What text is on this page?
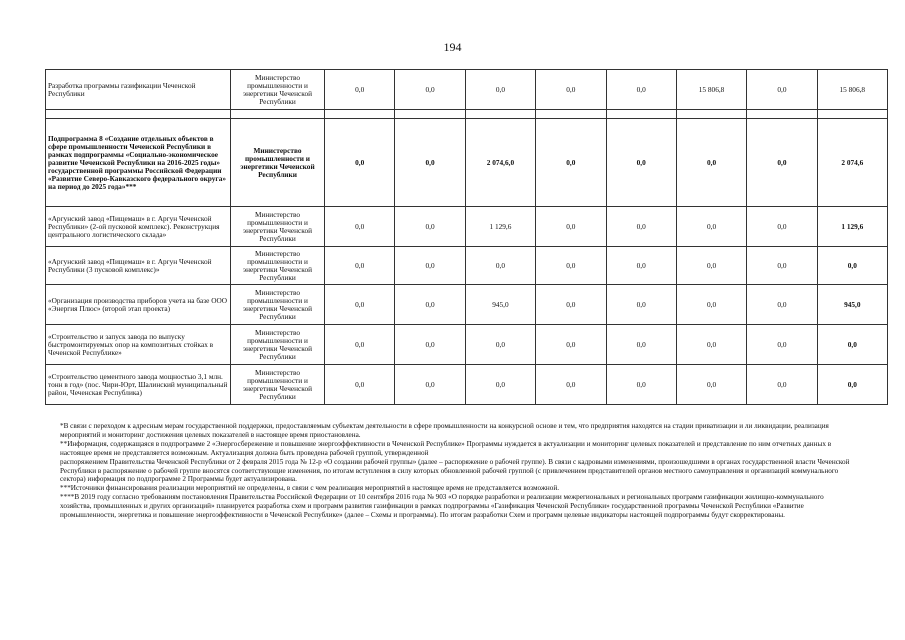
194
Разработка программы газификации Чеченской Республики	Министерство промышленности и энергетики Чеченской Республики	0,0	0,0	0,0	0,0	0,0	15 806,8	0,0	15 806,8

Подпрограмма 8 «Создание отдельных объектов в сфере промышленности Чеченской Республики в рамках подпрограммы «Социально-экономическое развитие Чеченской Республики на 2016-2025 годы» государственной программы Российской Федерации «Развитие Северо-Кавказского федерального округа» на период до 2025 года»***	Министерство промышленности и энергетики Чеченской Республики	0,0	0,0	2 074,6,0	0,0	0,0	0,0	0,0	2 074,6
«Аргунский завод «Пищемаш» в г. Аргун Чеченской Республики» (2-ой пусковой комплекс). Реконструкция центрального логистического склада»	Министерство промышленности и энергетики Чеченской Республики	0,0	0,0	1 129,6	0,0	0,0	0,0	0,0	1 129,6
«Аргунский завод «Пищемаш» в г. Аргун Чеченской Республики (3 пусковой комплекс)»	Министерство промышленности и энергетики Чеченской Республики	0,0	0,0	0,0	0,0	0,0	0,0	0,0	0,0
«Организация производства приборов учета на базе ООО «Энергия Плюс» (второй этап проекта)	Министерство промышленности и энергетики Чеченской Республики	0,0	0,0	945,0	0,0	0,0	0,0	0,0	945,0
«Строительство и запуск завода по выпуску быстромонтируемых опор на композитных стойках в Чеченской Республике»	Министерство промышленности и энергетики Чеченской Республики	0,0	0,0	0,0	0,0	0,0	0,0	0,0	0,0
«Строительство цементного завода мощностью 3,1 млн. тонн в год» (пос. Чири-Юрт, Шалинский муниципальный район, Чеченская Республика)	Министерство промышленности и энергетики Чеченской Республики	0,0	0,0	0,0	0,0	0,0	0,0	0,0	0,0

*В связи с переходом к адресным мерам государственной поддержки, предоставляемым субъектам деятельности в сфере промышленности на конкурсной основе и тем, что предприятия находятся на стадии приватизации и ли ликвидации, реализация мероприятий и мониторинг достижения целевых показателей в настоящее время приостановлена.

**Информация, содержащаяся в подпрограмме 2 «Энергосбережение и повышение энергоэффективности в Чеченской Республике» Программы нуждается в актуализации и мониторинг целевых показателей и представление по ним отчетных данных в настоящее время не представляется возможным. Актуализация должна быть проведена рабочей группой, утвержденной

распоряжением Правительства Чеченской Республики от 2 февраля 2015 года № 12-р «О создании рабочей группы» (далее – распоряжение о рабочей группе). В связи с кадровыми изменениями, произошедшими в органах государственной власти Чеченской Республики в распоряжение о рабочей группе вносятся соответствующие изменения, по итогам вступления в силу которых обновленной рабочей группой (с привлечением представителей органов местного самоуправления и организаций коммунального сектора) информация по подпрограмме 2 Программы будет актуализирована.

***Источники финансирования реализации мероприятий не определены, в связи с чем реализация мероприятий в настоящее время не представляется возможной.

****В 2019 году согласно требованиям постановления Правительства Российской Федерации от 10 сентября 2016 года № 903 «О порядке разработки и реализации межрегиональных и региональных программ газификации жилищно-коммунального хозяйства, промышленных и других организаций» планируется разработка схем и программ развития газификации в рамках подпрограммы «Газификация Чеченской Республики» государственной программы Чеченской Республики «Развитие промышленности, энергетика и повышение энергоэффективности в Чеченской Республике» (далее – Схемы и программы). По итогам разработки Схем и программ целевые индикаторы настоящей подпрограммы будут скорректированы.
